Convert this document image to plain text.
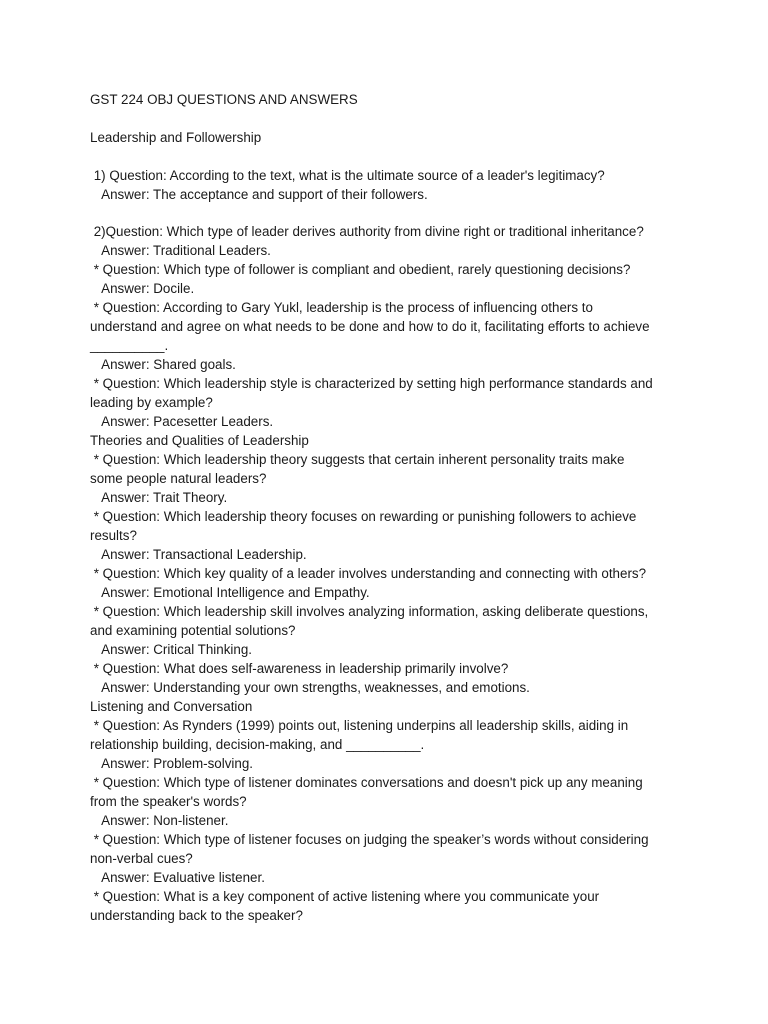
GST 224 OBJ QUESTIONS AND ANSWERS

Leadership and Followership

1) Question: According to the text, what is the ultimate source of a leader's legitimacy?

Answer: The acceptance and support of their followers.

2)Question: Which type of leader derives authority from divine right or traditional inheritance?

Answer: Traditional Leaders.

* Question: Which type of follower is compliant and obedient, rarely questioning decisions?

Answer: Docile.

* Question: According to Gary Yukl, leadership is the process of influencing others to

understand and agree on what needs to be done and how to do it, facilitating efforts to achieve

__________.

Answer: Shared goals.

* Question: Which leadership style is characterized by setting high performance standards and

leading by example?

Answer: Pacesetter Leaders.

Theories and Qualities of Leadership

* Question: Which leadership theory suggests that certain inherent personality traits make

some people natural leaders?

Answer: Trait Theory.

* Question: Which leadership theory focuses on rewarding or punishing followers to achieve

results?

Answer: Transactional Leadership.

* Question: Which key quality of a leader involves understanding and connecting with others?

Answer: Emotional Intelligence and Empathy.

* Question: Which leadership skill involves analyzing information, asking deliberate questions,

and examining potential solutions?

Answer: Critical Thinking.

* Question: What does self-awareness in leadership primarily involve?

Answer: Understanding your own strengths, weaknesses, and emotions.

Listening and Conversation

* Question: As Rynders (1999) points out, listening underpins all leadership skills, aiding in

relationship building, decision-making, and __________.

Answer: Problem-solving.

* Question: Which type of listener dominates conversations and doesn't pick up any meaning

from the speaker's words?

Answer: Non-listener.

* Question: Which type of listener focuses on judging the speaker’s words without considering

non-verbal cues?

Answer: Evaluative listener.

* Question: What is a key component of active listening where you communicate your

understanding back to the speaker?
